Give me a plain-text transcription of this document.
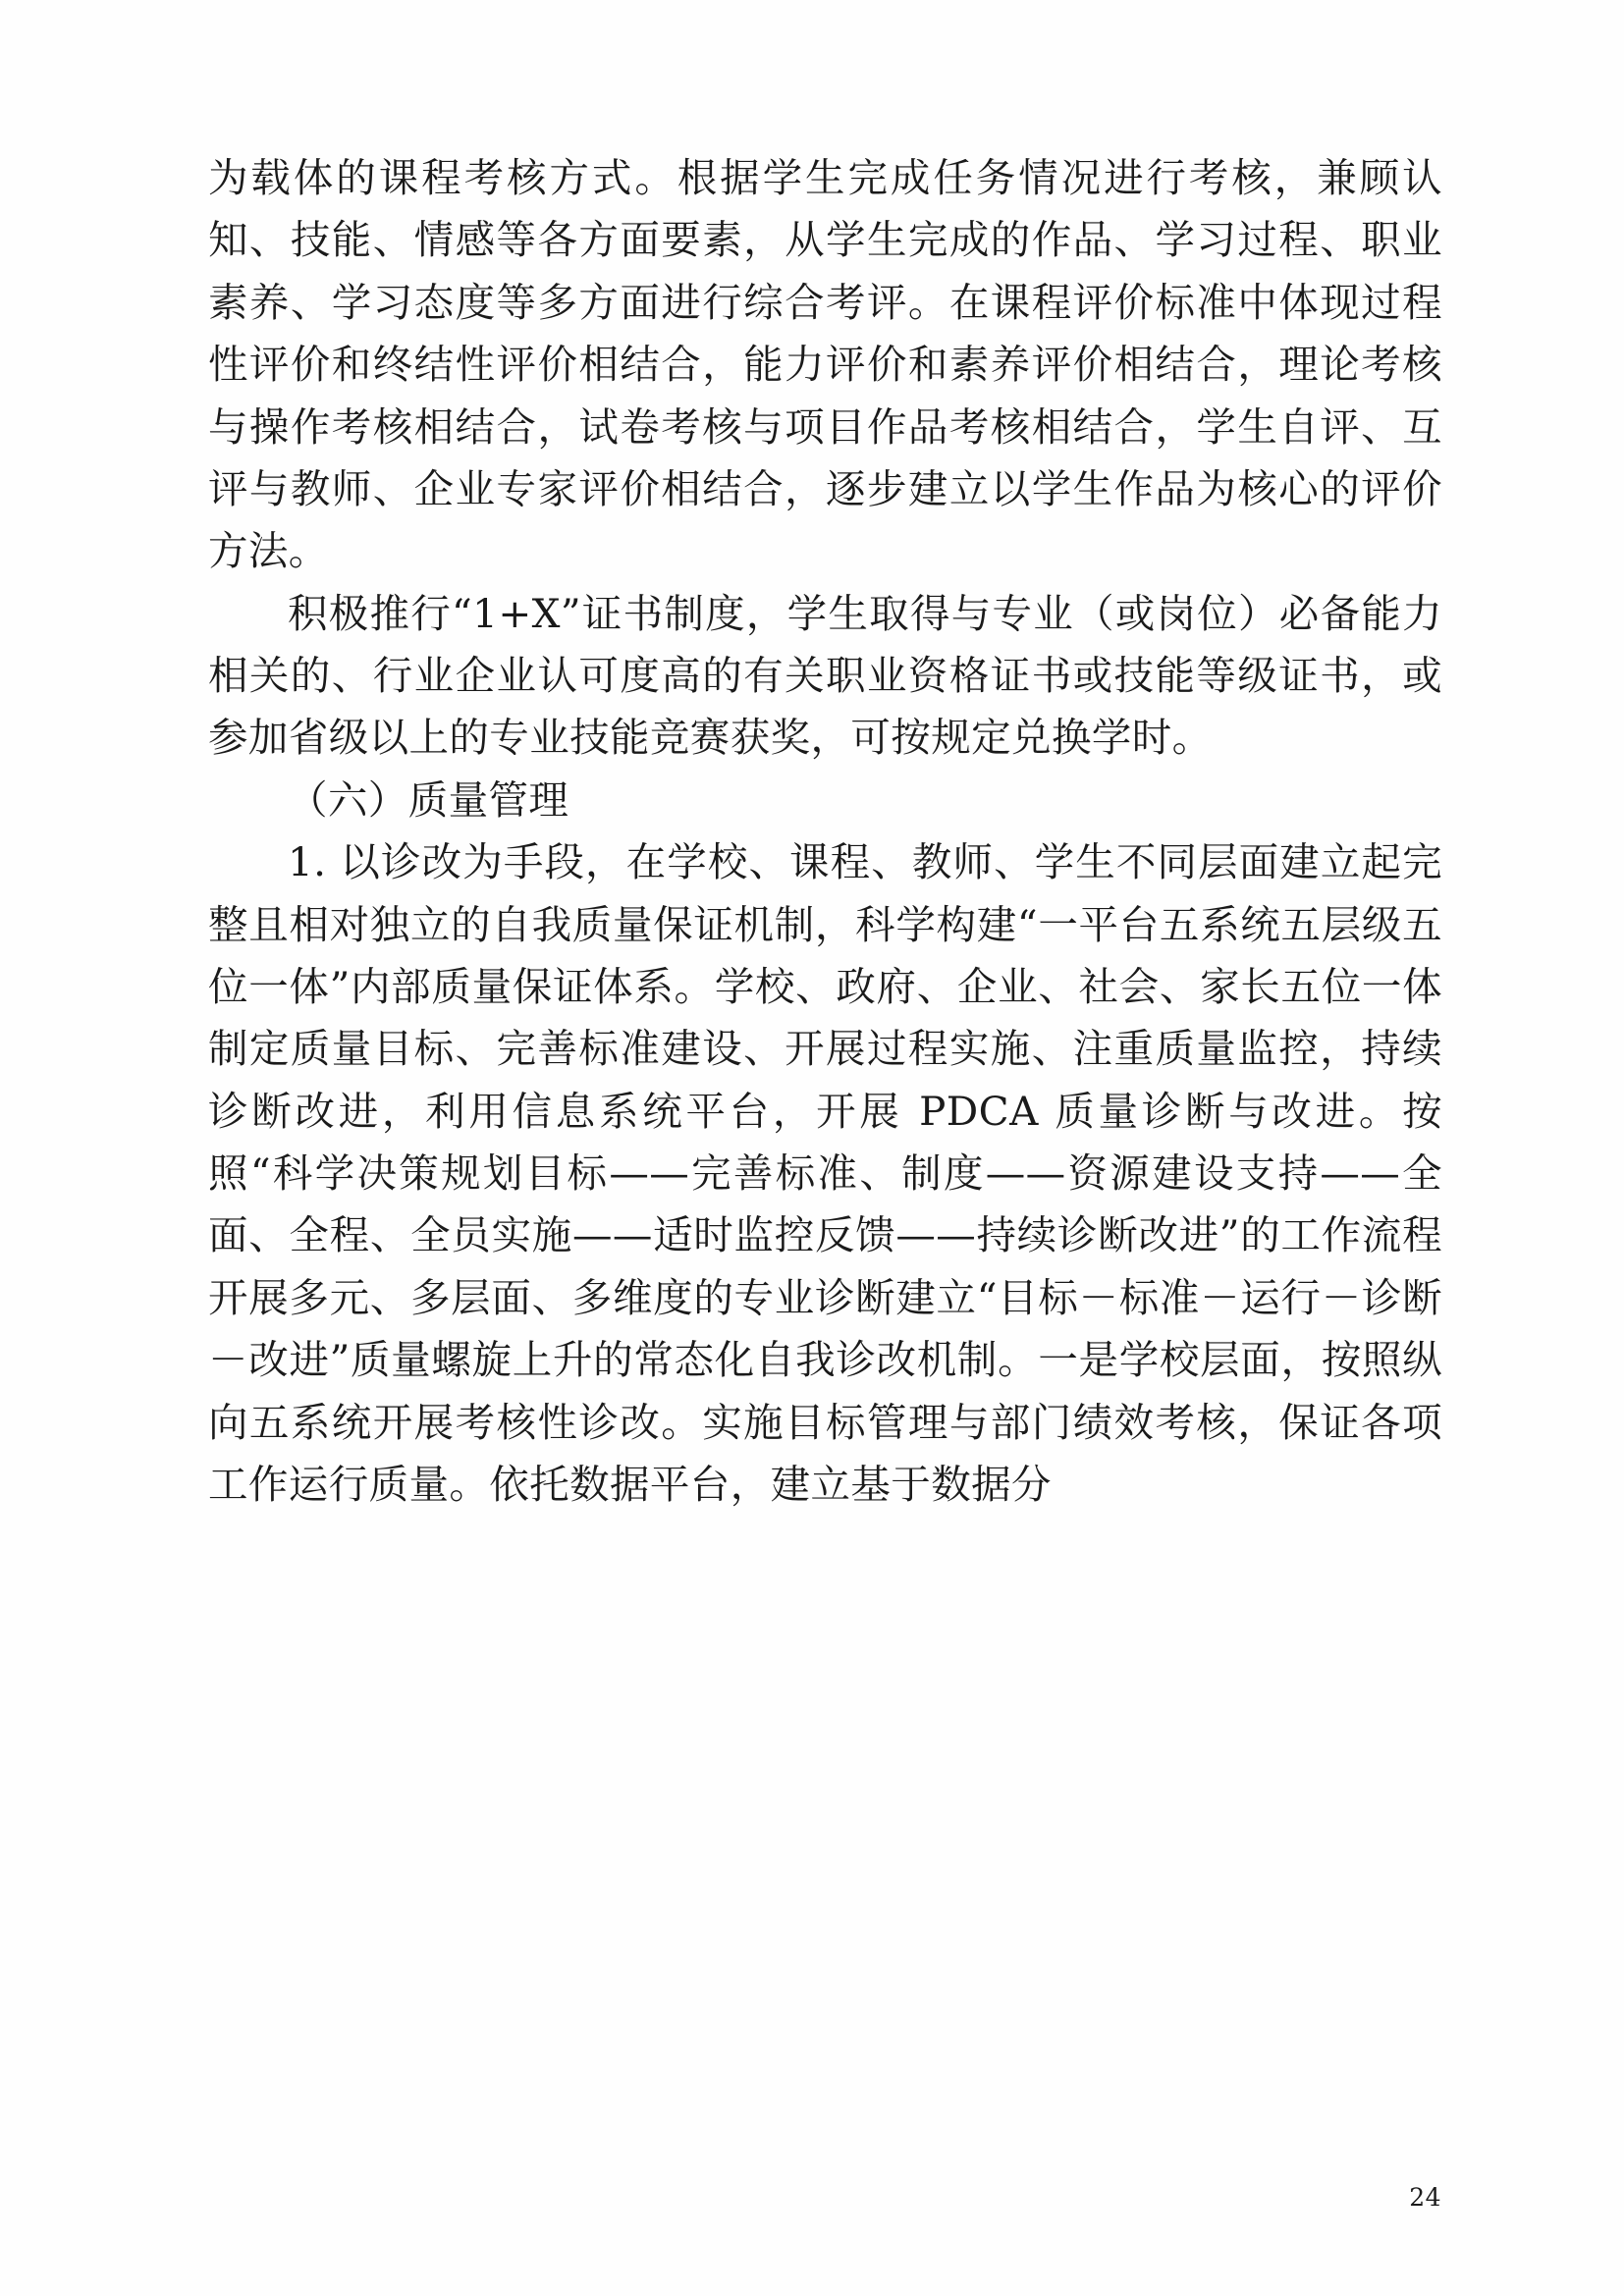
为载体的课程考核方式。根据学生完成任务情况进行考核，兼顾认知、技能、情感等各方面要素，从学生完成的作品、学习过程、职业素养、学习态度等多方面进行综合考评。在课程评价标准中体现过程性评价和终结性评价相结合，能力评价和素养评价相结合，理论考核与操作考核相结合，试卷考核与项目作品考核相结合，学生自评、互评与教师、企业专家评价相结合，逐步建立以学生作品为核心的评价方法。

积极推行“1+X”证书制度，学生取得与专业（或岗位）必备能力相关的、行业企业认可度高的有关职业资格证书或技能等级证书，或参加省级以上的专业技能竞赛获奖，可按规定兑换学时。

（六）质量管理

1. 以诊改为手段，在学校、课程、教师、学生不同层面建立起完整且相对独立的自我质量保证机制，科学构建“一平台五系统五层级五位一体”内部质量保证体系。学校、政府、企业、社会、家长五位一体制定质量目标、完善标准建设、开展过程实施、注重质量监控，持续诊断改进，利用信息系统平台，开展 PDCA 质量诊断与改进。按照“科学决策规划目标——完善标准、制度——资源建设支持——全面、全程、全员实施——适时监控反馈——持续诊断改进”的工作流程开展多元、多层面、多维度的专业诊断建立“目标－标准－运行－诊断－改进”质量螺旋上升的常态化自我诊改机制。一是学校层面，按照纵向五系统开展考核性诊改。实施目标管理与部门绩效考核，保证各项工作运行质量。依托数据平台，建立基于数据分

24
